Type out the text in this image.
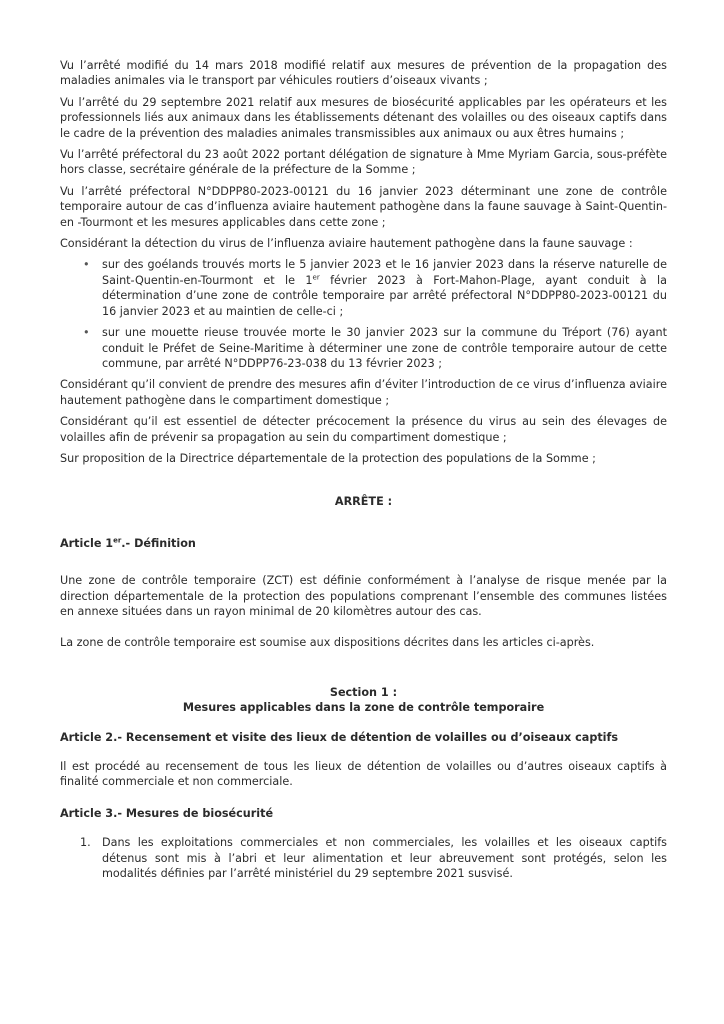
Vu l’arrêté modifié du 14 mars 2018 modifié relatif aux mesures de prévention de la propagation des maladies animales via le transport par véhicules routiers d’oiseaux vivants ;

Vu l’arrêté du 29 septembre 2021 relatif aux mesures de biosécurité applicables par les opérateurs et les professionnels liés aux animaux dans les établissements détenant des volailles ou des oiseaux captifs dans le cadre de la prévention des maladies animales transmissibles aux animaux ou aux êtres humains ;

Vu l’arrêté préfectoral du 23 août 2022 portant délégation de signature à Mme Myriam Garcia, sous-préfète hors classe, secrétaire générale de la préfecture de la Somme ;

Vu l’arrêté préfectoral N°DDPP80-2023-00121 du 16 janvier 2023 déterminant une zone de contrôle temporaire autour de cas d’influenza aviaire hautement pathogène dans la faune sauvage à Saint-Quentin-en -Tourmont et les mesures applicables dans cette zone ;

Considérant la détection du virus de l’influenza aviaire hautement pathogène dans la faune sauvage :

• sur des goélands trouvés morts le 5 janvier 2023 et le 16 janvier 2023 dans la réserve naturelle de Saint-Quentin-en-Tourmont et le 1er février 2023 à Fort-Mahon-Plage, ayant conduit à la détermination d’une zone de contrôle temporaire par arrêté préfectoral N°DDPP80-2023-00121 du 16 janvier 2023 et au maintien de celle-ci ;
• sur une mouette rieuse trouvée morte le 30 janvier 2023 sur la commune du Tréport (76) ayant conduit le Préfet de Seine-Maritime à déterminer une zone de contrôle temporaire autour de cette commune, par arrêté N°DDPP76-23-038 du 13 février 2023 ;

Considérant qu’il convient de prendre des mesures afin d’éviter l’introduction de ce virus d’influenza aviaire hautement pathogène dans le compartiment domestique ;

Considérant qu’il est essentiel de détecter précocement la présence du virus au sein des élevages de volailles afin de prévenir sa propagation au sein du compartiment domestique ;

Sur proposition de la Directrice départementale de la protection des populations de la Somme ;

ARRÊTE :

Article 1er.- Définition

Une zone de contrôle temporaire (ZCT) est définie conformément à l’analyse de risque menée par la direction départementale de la protection des populations comprenant l’ensemble des communes listées en annexe situées dans un rayon minimal de 20 kilomètres autour des cas.

La zone de contrôle temporaire est soumise aux dispositions décrites dans les articles ci-après.

Section 1 :
Mesures applicables dans la zone de contrôle temporaire

Article 2.- Recensement et visite des lieux de détention de volailles ou d’oiseaux captifs

Il est procédé au recensement de tous les lieux de détention de volailles ou d’autres oiseaux captifs à finalité commerciale et non commerciale.

Article 3.- Mesures de biosécurité

1. Dans les exploitations commerciales et non commerciales, les volailles et les oiseaux captifs détenus sont mis à l’abri et leur alimentation et leur abreuvement sont protégés, selon les modalités définies par l’arrêté ministériel du 29 septembre 2021 susvisé.
